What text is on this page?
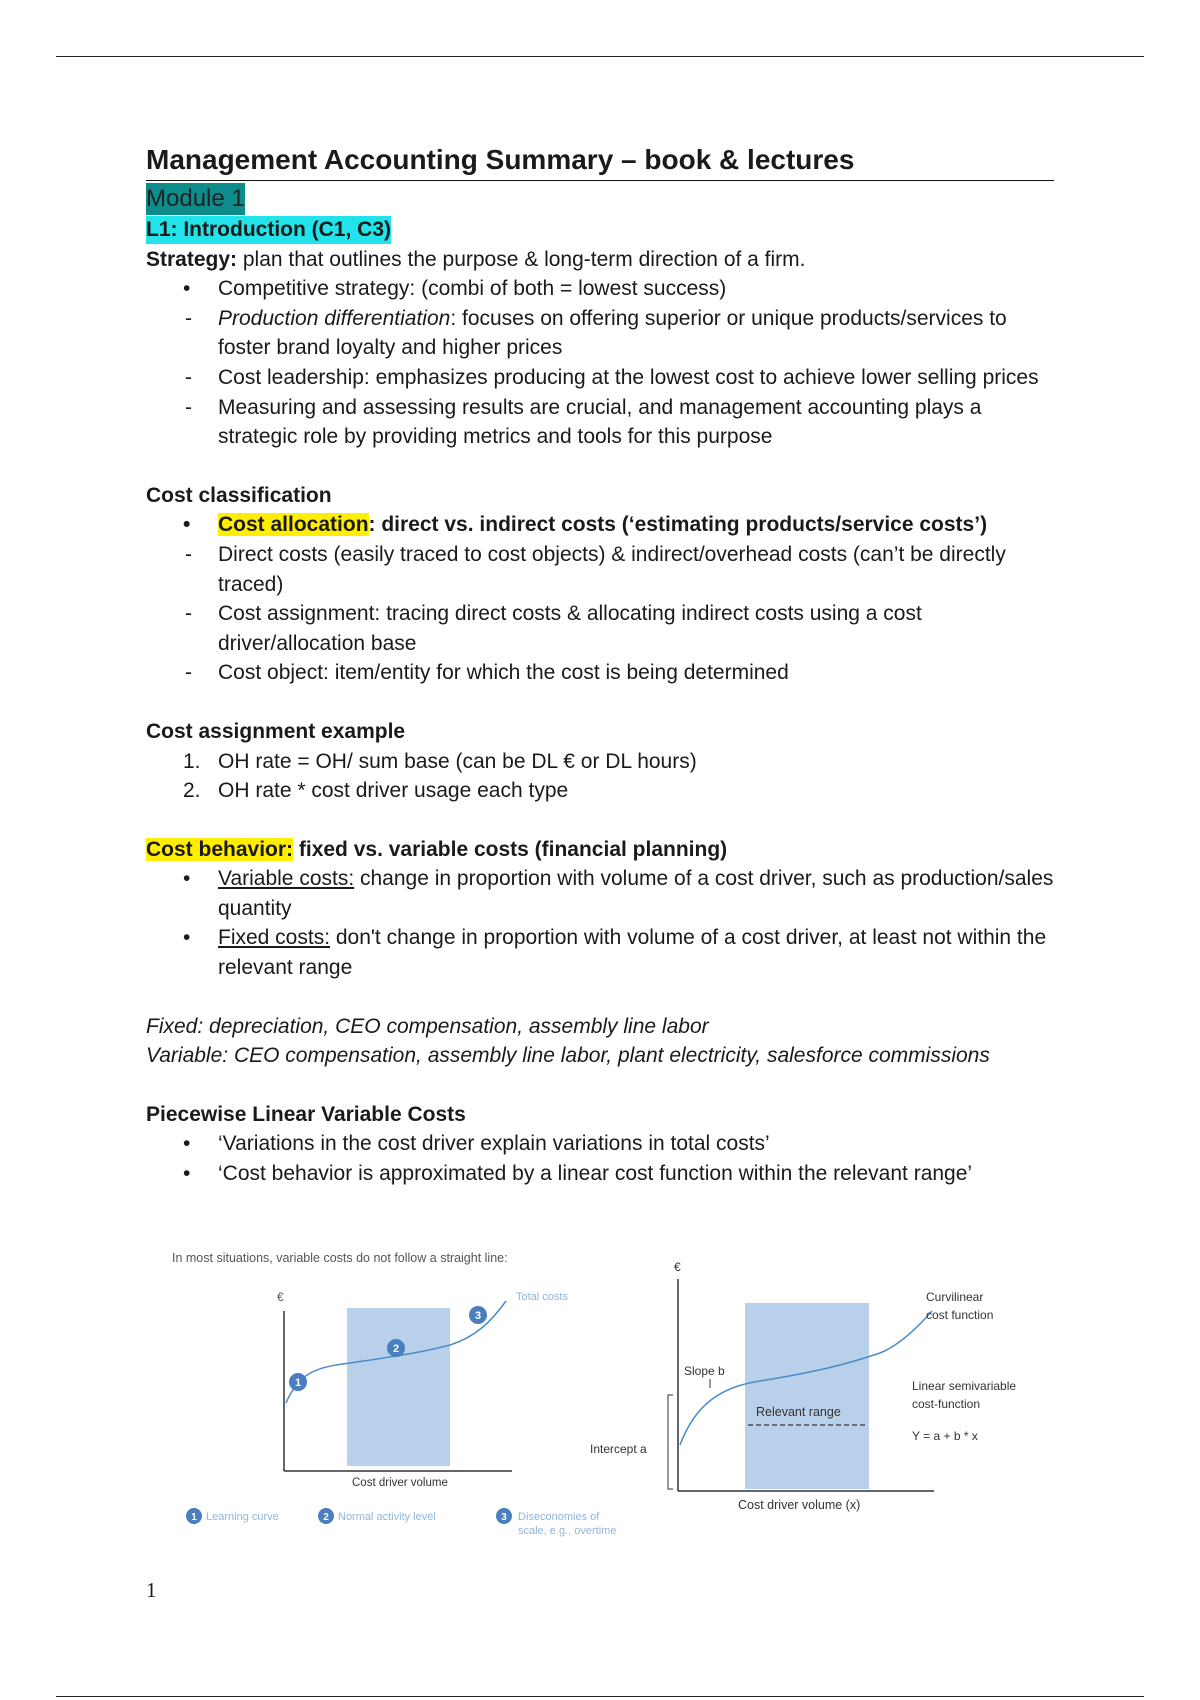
Management Accounting Summary – book & lectures
Module 1
L1: Introduction (C1, C3)
Strategy: plan that outlines the purpose & long-term direction of a firm.
•	Competitive strategy: (combi of both = lowest success)
-	Production differentiation: focuses on offering superior or unique products/services to foster brand loyalty and higher prices
-	Cost leadership: emphasizes producing at the lowest cost to achieve lower selling prices
-	Measuring and assessing results are crucial, and management accounting plays a strategic role by providing metrics and tools for this purpose
Cost classification
•	Cost allocation: direct vs. indirect costs (‘estimating products/service costs’)
-	Direct costs (easily traced to cost objects) & indirect/overhead costs (can’t be directly traced)
-	Cost assignment: tracing direct costs & allocating indirect costs using a cost driver/allocation base
-	Cost object: item/entity for which the cost is being determined
Cost assignment example
1. OH rate = OH/ sum base (can be DL € or DL hours)
2. OH rate * cost driver usage each type
Cost behavior: fixed vs. variable costs (financial planning)
•	Variable costs: change in proportion with volume of a cost driver, such as production/sales quantity
•	Fixed costs: don't change in proportion with volume of a cost driver, at least not within the relevant range
Fixed: depreciation, CEO compensation, assembly line labor
Variable: CEO compensation, assembly line labor, plant electricity, salesforce commissions
Piecewise Linear Variable Costs
•	‘Variations in the cost driver explain variations in total costs’
•	‘Cost behavior is approximated by a linear cost function within the relevant range’
In most situations, variable costs do not follow a straight line:
€	Total costs
1
2
3
Cost driver volume
1 Learning curve	2 Normal activity level	3 Diseconomies of
scale, e.g., overtime
€
Slope b
Relevant range
Intercept a
Cost driver volume (x)
Curvilinear
cost function
Linear semivariable
cost-function
Y = a + b * x
1
